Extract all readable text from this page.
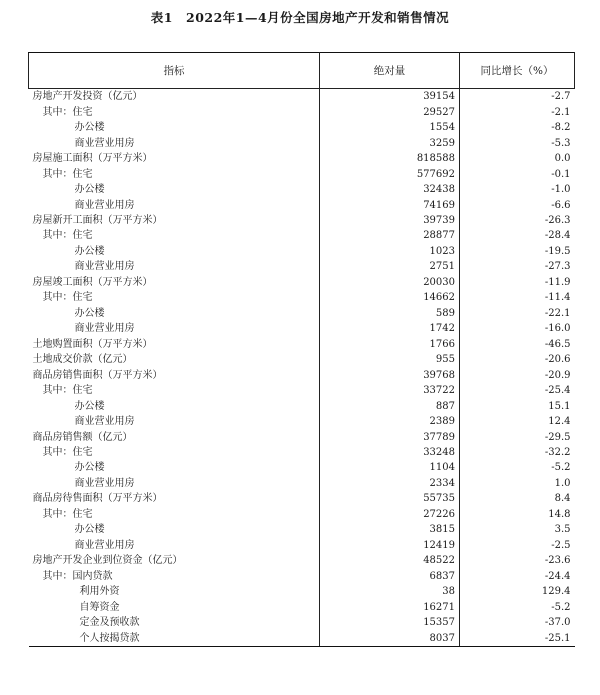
表1　2022年1—4月份全国房地产开发和销售情况
指标	绝对量	同比增长（%）
房地产开发投资（亿元）	39154	-2.7
其中：住宅	29527	-2.1
办公楼	1554	-8.2
商业营业用房	3259	-5.3
房屋施工面积（万平方米）	818588	0.0
其中：住宅	577692	-0.1
办公楼	32438	-1.0
商业营业用房	74169	-6.6
房屋新开工面积（万平方米）	39739	-26.3
其中：住宅	28877	-28.4
办公楼	1023	-19.5
商业营业用房	2751	-27.3
房屋竣工面积（万平方米）	20030	-11.9
其中：住宅	14662	-11.4
办公楼	589	-22.1
商业营业用房	1742	-16.0
土地购置面积（万平方米）	1766	-46.5
土地成交价款（亿元）	955	-20.6
商品房销售面积（万平方米）	39768	-20.9
其中：住宅	33722	-25.4
办公楼	887	15.1
商业营业用房	2389	12.4
商品房销售额（亿元）	37789	-29.5
其中：住宅	33248	-32.2
办公楼	1104	-5.2
商业营业用房	2334	1.0
商品房待售面积（万平方米）	55735	8.4
其中：住宅	27226	14.8
办公楼	3815	3.5
商业营业用房	12419	-2.5
房地产开发企业到位资金（亿元）	48522	-23.6
其中：国内贷款	6837	-24.4
利用外资	38	129.4
自筹资金	16271	-5.2
定金及预收款	15357	-37.0
个人按揭贷款	8037	-25.1
